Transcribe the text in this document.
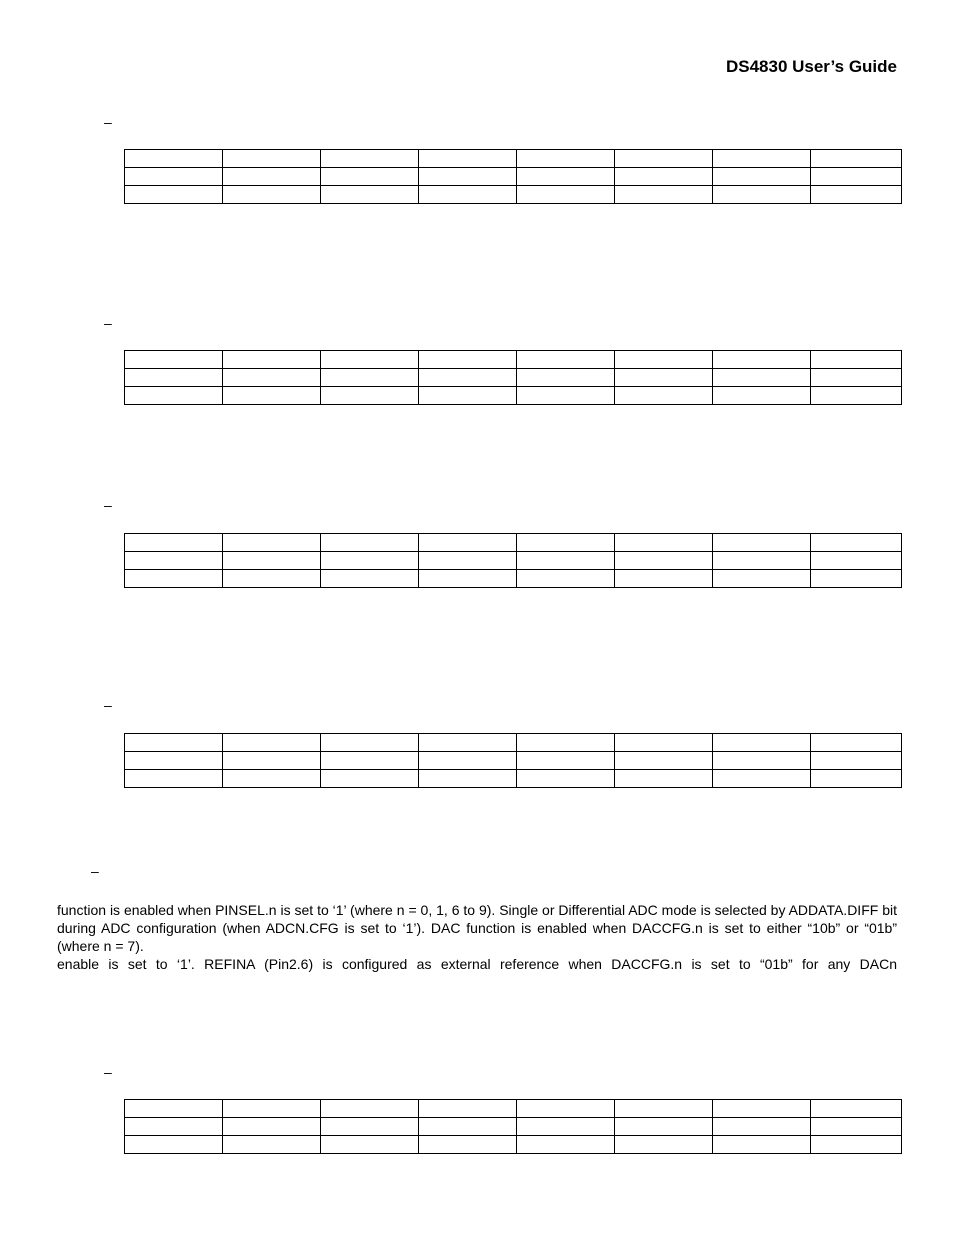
DS4830 User’s Guide
–

–

–

–

–

function is enabled when PINSEL.n is set to ‘1’ (where n = 0, 1, 6 to 9). Single or Differential ADC mode is selected by ADDATA.DIFF bit during ADC configuration (when ADCN.CFG is set to ‘1’). DAC function is enabled when DACCFG.n is set to either “10b” or “01b” (where n = 7).

enable is set to ‘1’. REFINA (Pin2.6) is configured as external reference when DACCFG.n is set to “01b” for any DACn

–
